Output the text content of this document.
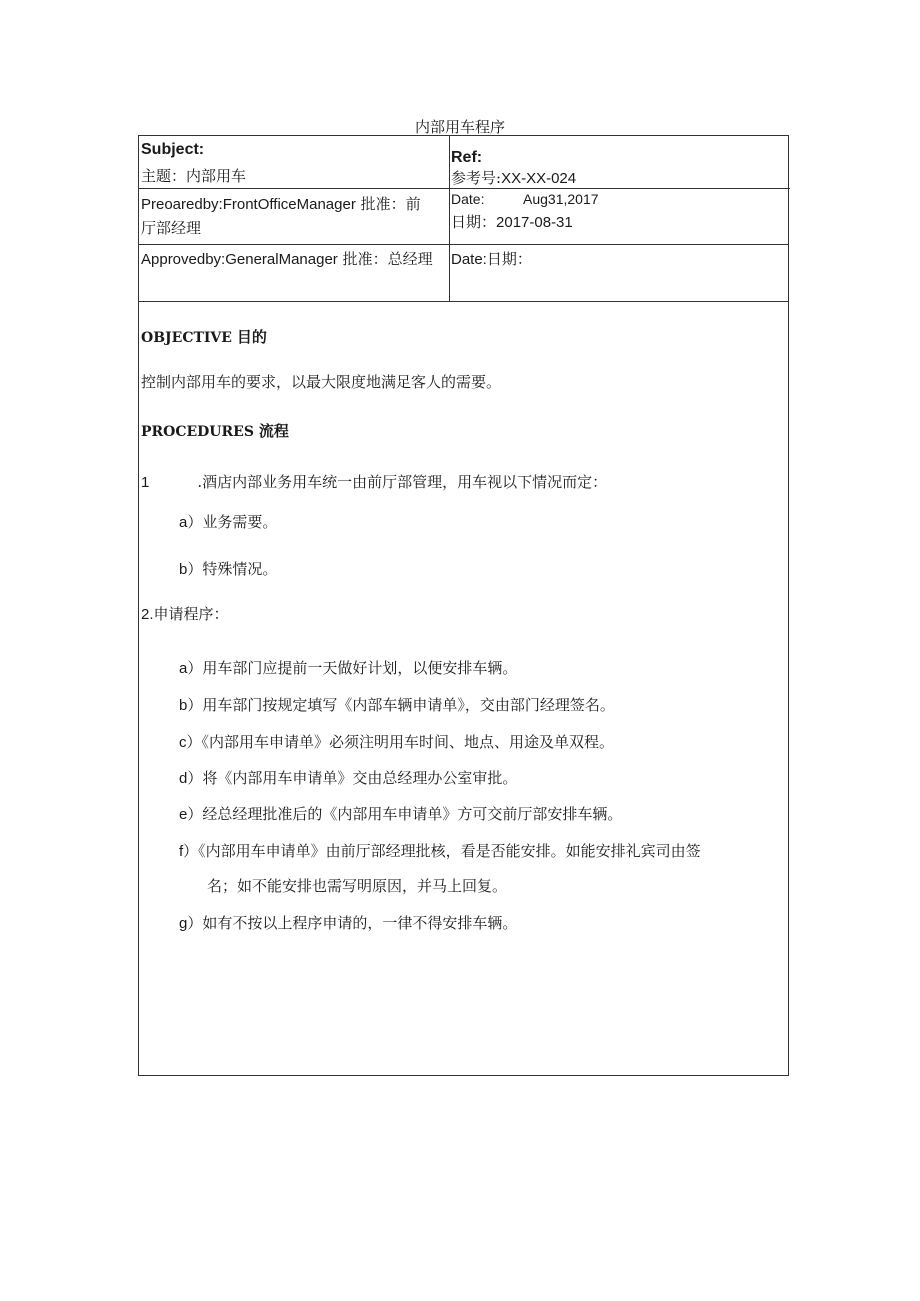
内部用车程序
Subject:
主题：内部用车
Ref:
参考号:XX-XX-024
Preoaredby:FrontOfficeManager 批准：前
厅部经理
Date:	Aug31,2017
日期：2017-08-31
Approvedby:GeneralManager 批准：总经理 Date:日期：
OBJECTIVE 目的
控制内部用车的要求，以最大限度地满足客人的需要。
PROCEDURES 流程
1	.酒店内部业务用车统一由前厅部管理，用车视以下情况而定：
a）业务需要。
b）特殊情况。
2.申请程序：
a）用车部门应提前一天做好计划，以便安排车辆。
b）用车部门按规定填写《内部车辆申请单》，交由部门经理签名。
c）《内部用车申请单》必须注明用车时间、地点、用途及单双程。
d）将《内部用车申请单》交由总经理办公室审批。
e）经总经理批准后的《内部用车申请单》方可交前厅部安排车辆。
f）《内部用车申请单》由前厅部经理批核，看是否能安排。如能安排礼宾司由签
名；如不能安排也需写明原因，并马上回复。
g）如有不按以上程序申请的，一律不得安排车辆。
